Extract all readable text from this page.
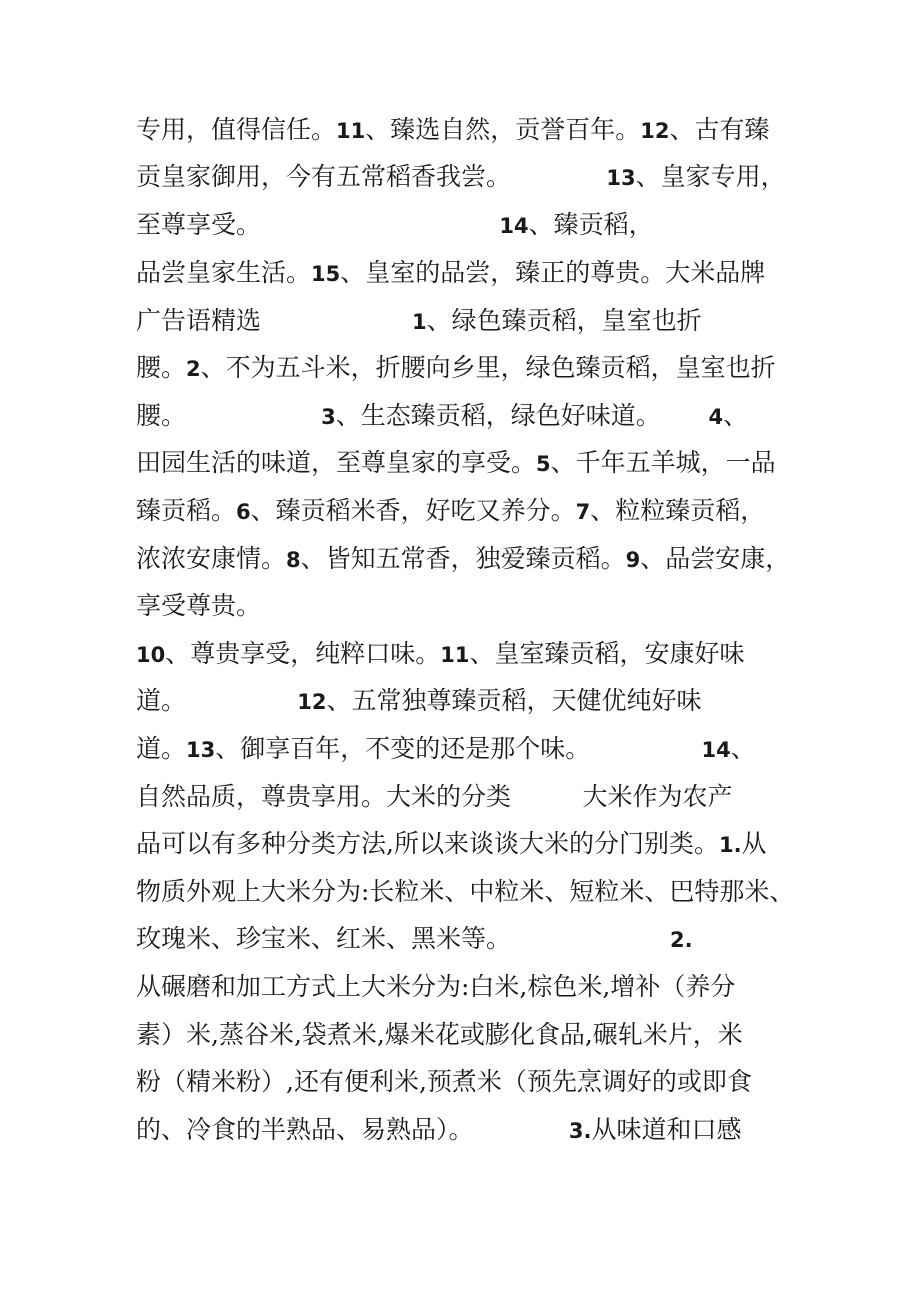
专用，值得信任。11、臻选自然，贡誉百年。12、古有臻
贡皇家御用，今有五常稻香我尝。	13、皇家专用，
至尊享受。	14、臻贡稻，
品尝皇家生活。15、皇室的品尝，臻正的尊贵。大米品牌
广告语精选	1、绿色臻贡稻，皇室也折
腰。2、不为五斗米，折腰向乡里，绿色臻贡稻，皇室也折
腰。	3、生态臻贡稻，绿色好味道。 4、
田园生活的味道，至尊皇家的享受。5、千年五羊城，一品
臻贡稻。6、臻贡稻米香，好吃又养分。7、粒粒臻贡稻，
浓浓安康情。8、皆知五常香，独爱臻贡稻。9、品尝安康，
享受尊贵。
10、尊贵享受，纯粹口味。11、皇室臻贡稻，安康好味
道。	12、五常独尊臻贡稻，天健优纯好味
道。13、御享百年，不变的还是那个味。	14、
自然品质，尊贵享用。大米的分类	大米作为农产
品可以有多种分类方法,所以来谈谈大米的分门别类。1.从
物质外观上大米分为:长粒米、中粒米、短粒米、巴特那米、
玫瑰米、珍宝米、红米、黑米等。	2.
从碾磨和加工方式上大米分为:白米,棕色米,增补（养分
素）米,蒸谷米,袋煮米,爆米花或膨化食品,碾轧米片，米
粉（精米粉）,还有便利米,预煮米（预先烹调好的或即食
的、冷食的半熟品、易熟品）。	3.从味道和口感
